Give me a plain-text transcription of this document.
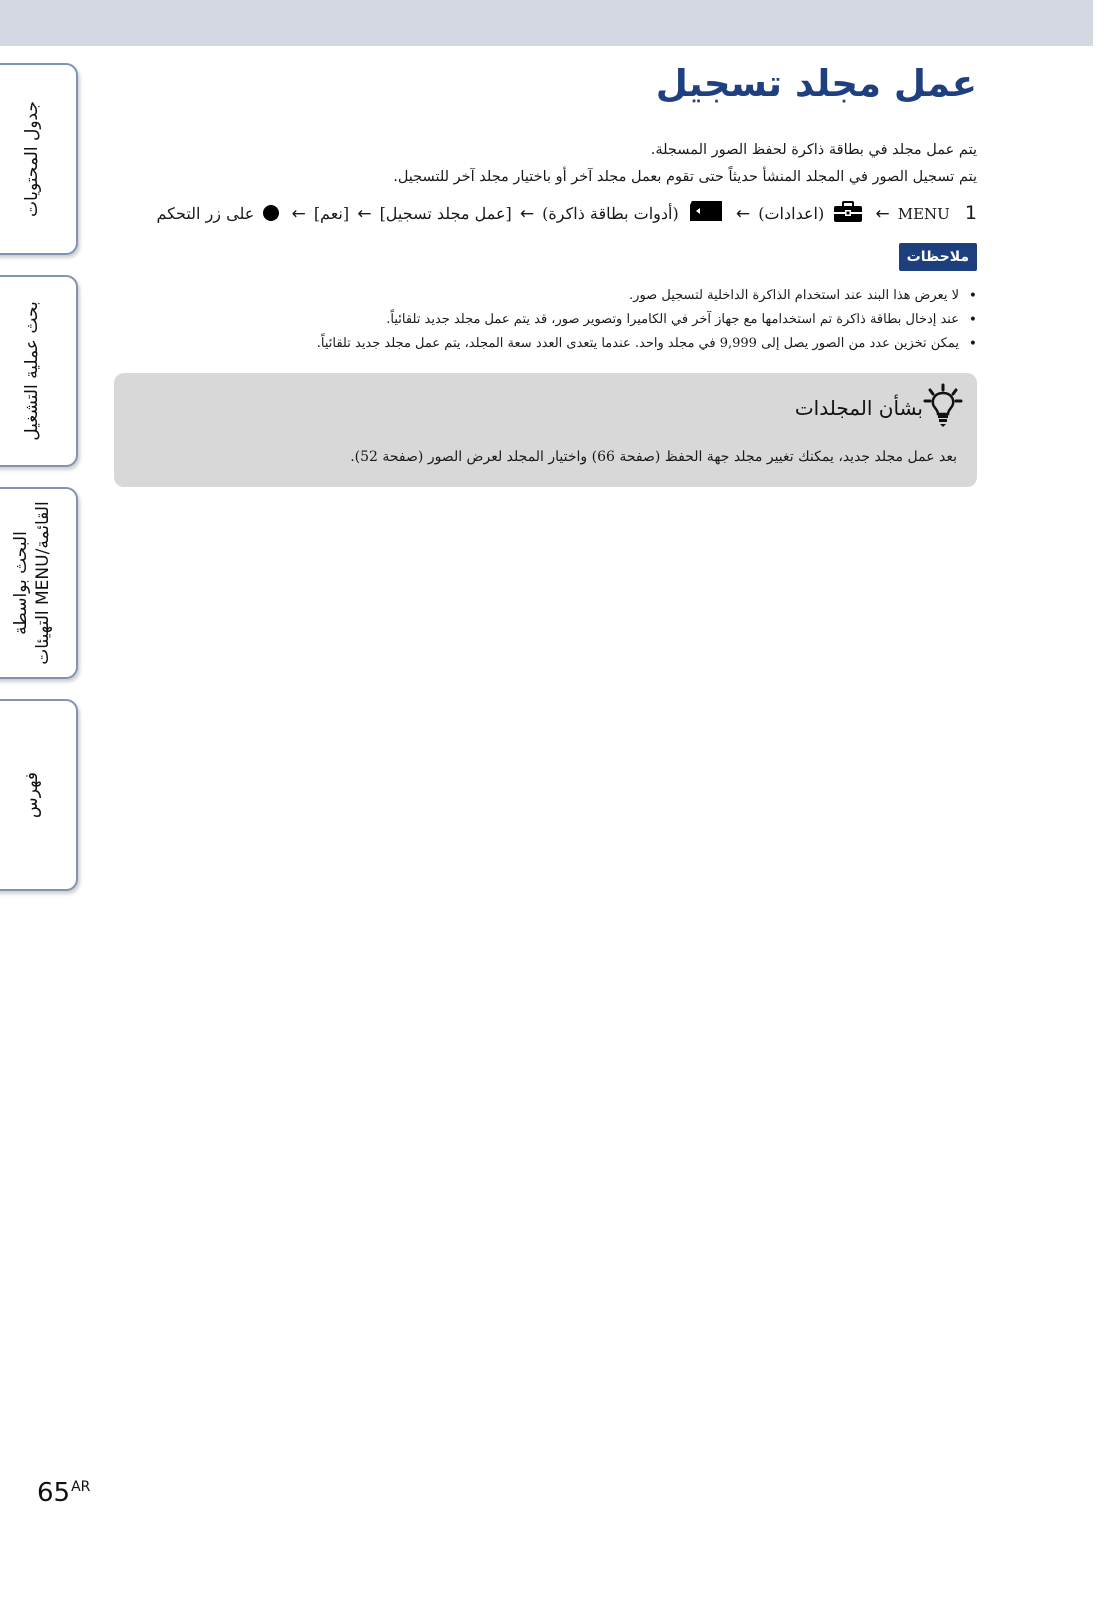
جدول المحتويات
بحث عملية التشغيل
البحث بواسطة القائمة/MENU التهيئات
فهرس
عمل مجلد تسجيل

يتم عمل مجلد في بطاقة ذاكرة لحفظ الصور المسجلة.

يتم تسجيل الصور في المجلد المنشأ حديثاً حتى تقوم بعمل مجلد آخر أو باختيار مجلد آخر للتسجيل.

1 MENU ←  (اعدادات) ←  (أدوات بطاقة ذاكرة) ← [عمل مجلد تسجيل] ← [نعم] ←  على زر التحكم
ملاحظات
• لا يعرض هذا البند عند استخدام الذاكرة الداخلية لتسجيل صور.
• عند إدخال بطاقة ذاكرة تم استخدامها مع جهاز آخر في الكاميرا وتصوير صور، قد يتم عمل مجلد جديد تلقائياً.
• يمكن تخزين عدد من الصور يصل إلى 9,999 في مجلد واحد. عندما يتعدى العدد سعة المجلد، يتم عمل مجلد جديد تلقائياً.
بشأن المجلدات
بعد عمل مجلد جديد، يمكنك تغيير مجلد جهة الحفظ (صفحة 66) واختيار المجلد لعرض الصور (صفحة 52).
$65^{AR}$
